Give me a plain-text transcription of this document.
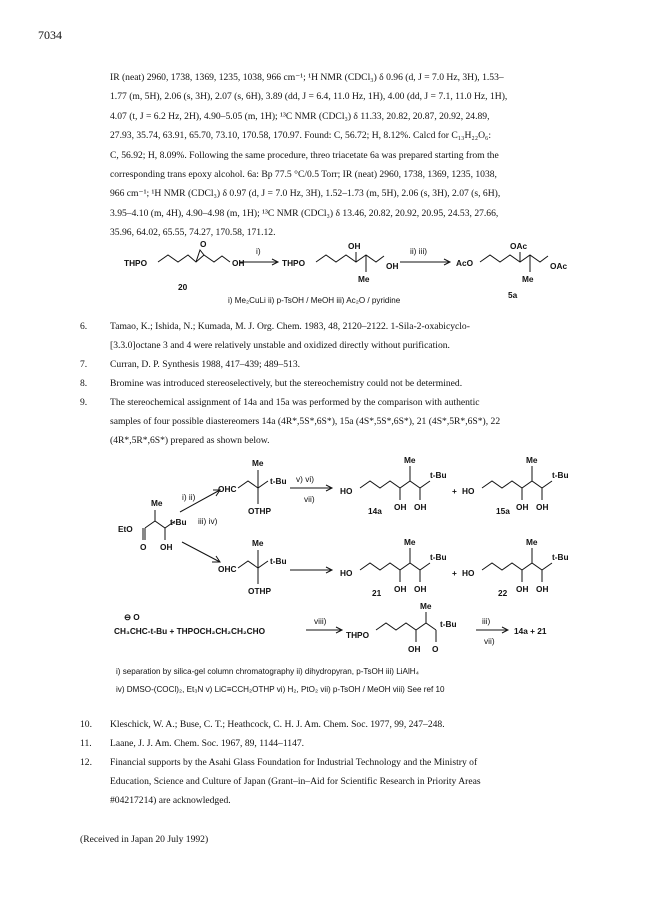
7034
IR (neat) 2960, 1738, 1369, 1235, 1038, 966 cm⁻¹; ¹H NMR (CDCl₃) δ 0.96 (d, J = 7.0 Hz, 3H), 1.53–
1.77 (m, 5H), 2.06 (s, 3H), 2.07 (s, 6H), 3.89 (dd, J = 6.4, 11.0 Hz, 1H), 4.00 (dd, J = 7.1, 11.0 Hz, 1H),
4.07 (t, J = 6.2 Hz, 2H), 4.90–5.05 (m, 1H); ¹³C NMR (CDCl₃) δ 11.33, 20.82, 20.87, 20.92, 24.89,
27.93, 35.74, 63.91, 65.70, 73.10, 170.58, 170.97. Found: C, 56.72; H, 8.12%. Calcd for C₁₃H₂₂O₆:
C, 56.92; H, 8.09%. Following the same procedure, threo triacetate 6a was prepared starting from the
corresponding trans epoxy alcohol. 6a: Bp 77.5 °C/0.5 Torr; IR (neat) 2960, 1738, 1369, 1235, 1038,
966 cm⁻¹; ¹H NMR (CDCl₃) δ 0.97 (d, J = 7.0 Hz, 3H), 1.52–1.73 (m, 5H), 2.06 (s, 3H), 2.07 (s, 6H),
3.95–4.10 (m, 4H), 4.90–4.98 (m, 1H); ¹³C NMR (CDCl₃) δ 13.46, 20.82, 20.92, 20.95, 24.53, 27.66,
35.96, 64.02, 65.55, 74.27, 170.58, 171.12.
THPO
O
OH
20
i)
THPO
OH
OH
Me
ii) iii)
AcO
OAc
OAc
Me
5a
i) Me₂CuLi ii) p-TsOH / MeOH iii) Ac₂O / pyridine
6.	Tamao, K.; Ishida, N.; Kumada, M. J. Org. Chem. 1983, 48, 2120–2122. 1-Sila-2-oxabicyclo-
[3.3.0]octane 3 and 4 were relatively unstable and oxidized directly without purification.
7.	Curran, D. P. Synthesis 1988, 417–439; 489–513.
8.	Bromine was introduced stereoselectively, but the stereochemistry could not be determined.
9.	The stereochemical assignment of 14a and 15a was performed by the comparison with authentic
samples of four possible diastereomers 14a (4R*,5S*,6S*), 15a (4S*,5S*,6S*), 21 (4S*,5R*,6S*), 22
(4R*,5R*,6S*) prepared as shown below.
Me
t-Bu
EtO
O OH
i) ii)
iii) iv)
OHC
Me
t-Bu
OTHP
v) vi)
vii)
HO
Me
t-Bu
OH OH
14a
+ HO
Me
t-Bu
OH OH
15a
OHC
Me
t-Bu
OTHP
HO
Me
t-Bu
OH OH
21
+ HO
Me
t-Bu
OH OH
22
⊖ O
CH₃CHC-t-Bu + THPOCH₂CH₂CH₂CHO
viii)
THPO
Me
t-Bu
OH O
iii)
vii)
14a + 21
i) separation by silica-gel column chromatography ii) dihydropyran, p-TsOH iii) LiAlH₄
iv) DMSO-(COCl)₂, Et₃N v) LiC≡CCH₂OTHP vi) H₂, PtO₂ vii) p-TsOH / MeOH viii) See ref 10
10.	Kleschick, W. A.; Buse, C. T.; Heathcock, C. H. J. Am. Chem. Soc. 1977, 99, 247–248.
11.	Laane, J. J. Am. Chem. Soc. 1967, 89, 1144–1147.
12.	Financial supports by the Asahi Glass Foundation for Industrial Technology and the Ministry of
Education, Science and Culture of Japan (Grant–in–Aid for Scientific Research in Priority Areas
#04217214) are acknowledged.
(Received in Japan 20 July 1992)
